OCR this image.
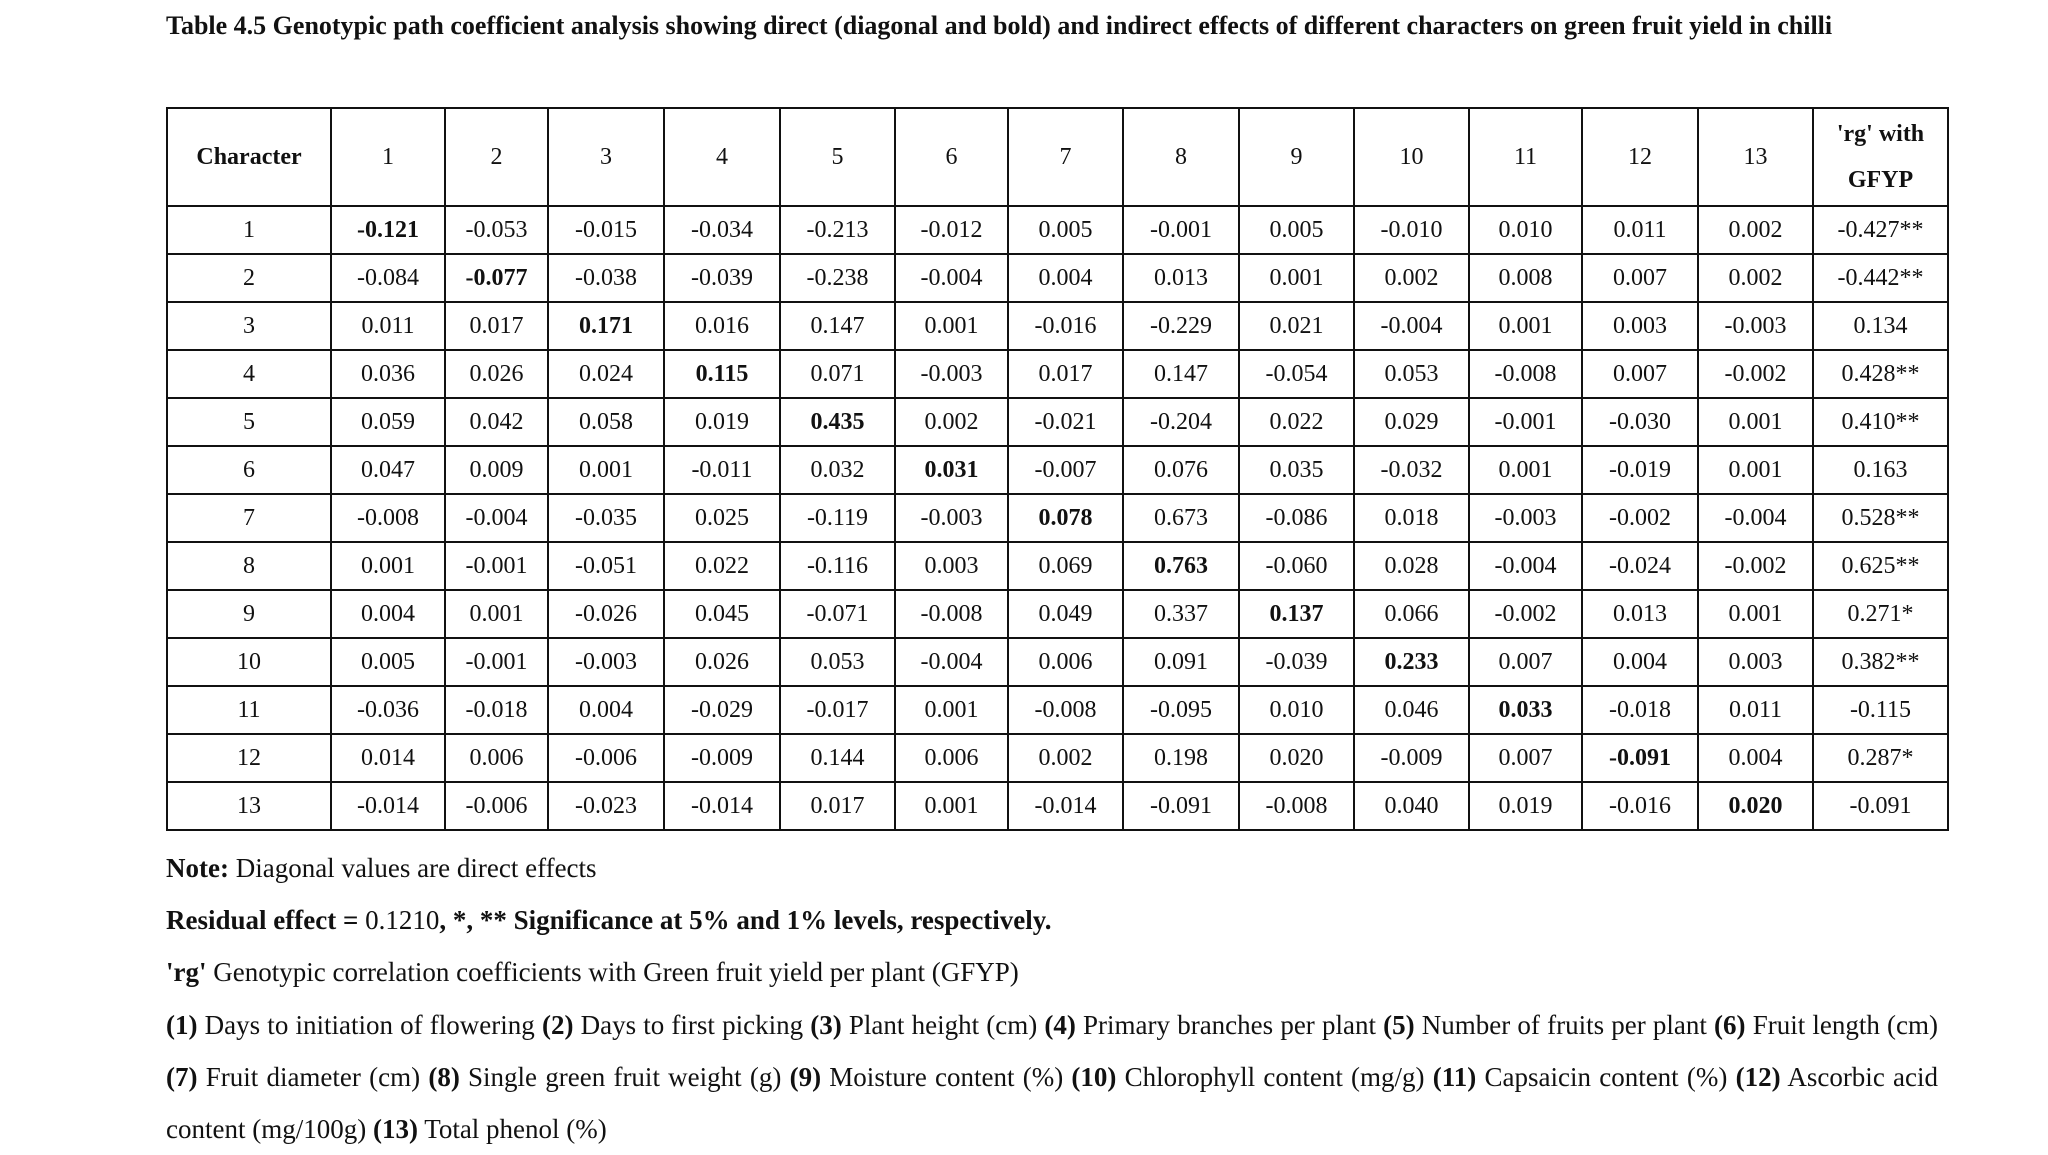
Table 4.5 Genotypic path coefficient analysis showing direct (diagonal and bold) and indirect effects of different characters on green fruit yield in chilli
Character	1	2	3	4	5	6	7	8	9	10	11	12	13	'rg' with
GFYP

1	-0.121	-0.053	-0.015	-0.034	-0.213	-0.012	0.005	-0.001	0.005	-0.010	0.010	0.011	0.002	-0.427**
2	-0.084	-0.077	-0.038	-0.039	-0.238	-0.004	0.004	0.013	0.001	0.002	0.008	0.007	0.002	-0.442**
3	0.011	0.017	0.171	0.016	0.147	0.001	-0.016	-0.229	0.021	-0.004	0.001	0.003	-0.003	0.134
4	0.036	0.026	0.024	0.115	0.071	-0.003	0.017	0.147	-0.054	0.053	-0.008	0.007	-0.002	0.428**
5	0.059	0.042	0.058	0.019	0.435	0.002	-0.021	-0.204	0.022	0.029	-0.001	-0.030	0.001	0.410**
6	0.047	0.009	0.001	-0.011	0.032	0.031	-0.007	0.076	0.035	-0.032	0.001	-0.019	0.001	0.163
7	-0.008	-0.004	-0.035	0.025	-0.119	-0.003	0.078	0.673	-0.086	0.018	-0.003	-0.002	-0.004	0.528**
8	0.001	-0.001	-0.051	0.022	-0.116	0.003	0.069	0.763	-0.060	0.028	-0.004	-0.024	-0.002	0.625**
9	0.004	0.001	-0.026	0.045	-0.071	-0.008	0.049	0.337	0.137	0.066	-0.002	0.013	0.001	0.271*
10	0.005	-0.001	-0.003	0.026	0.053	-0.004	0.006	0.091	-0.039	0.233	0.007	0.004	0.003	0.382**
11	-0.036	-0.018	0.004	-0.029	-0.017	0.001	-0.008	-0.095	0.010	0.046	0.033	-0.018	0.011	-0.115
12	0.014	0.006	-0.006	-0.009	0.144	0.006	0.002	0.198	0.020	-0.009	0.007	-0.091	0.004	0.287*
13	-0.014	-0.006	-0.023	-0.014	0.017	0.001	-0.014	-0.091	-0.008	0.040	0.019	-0.016	0.020	-0.091

Note: Diagonal values are direct effects

Residual effect = 0.1210, *, ** Significance at 5% and 1% levels, respectively.

'rg' Genotypic correlation coefficients with Green fruit yield per plant (GFYP)

(1) Days to initiation of flowering (2) Days to first picking (3) Plant height (cm) (4) Primary branches per plant (5) Number of fruits per plant (6) Fruit length (cm) (7) Fruit diameter (cm) (8) Single green fruit weight (g) (9) Moisture content (%) (10) Chlorophyll content (mg/g) (11) Capsaicin content (%) (12) Ascorbic acid content (mg/100g) (13) Total phenol (%)
